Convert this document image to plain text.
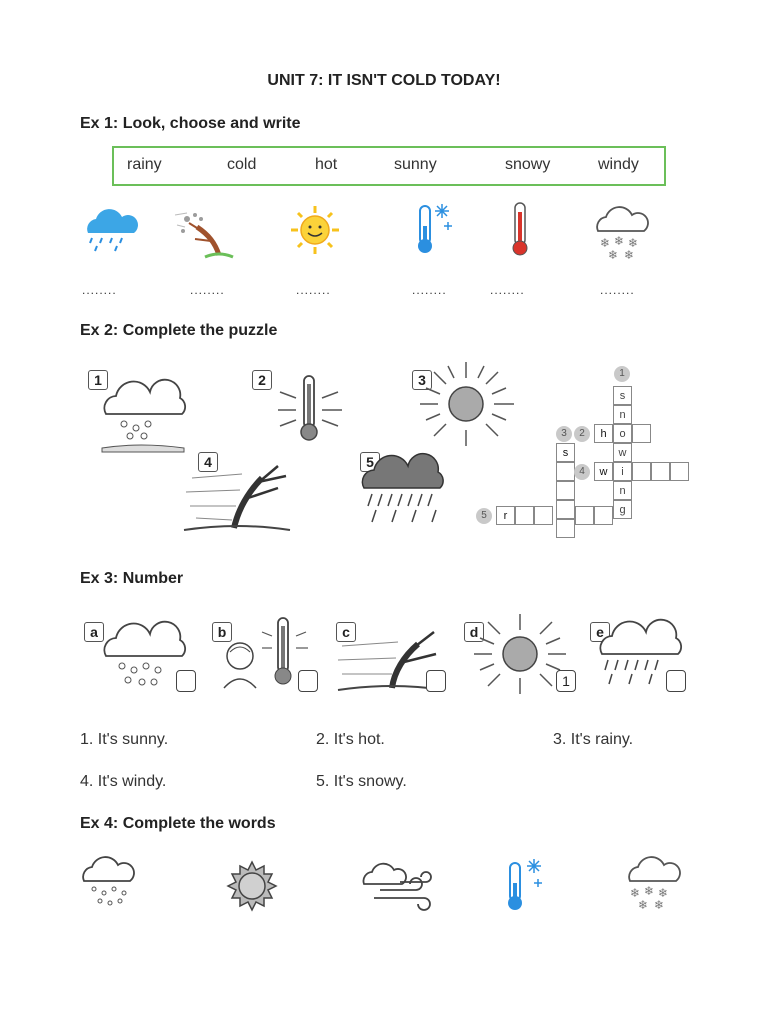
UNIT 7: IT ISN'T COLD TODAY!
Ex 1: Look, choose and write
rainy	cold	hot	sunny	snowy	windy
❄ ❄ ❄
❄ ❄
........	........	........	........	........	........
Ex 2: Complete the puzzle
1	2	3
4	5
1
s
n
o
w
i
n
g
3	2	h
s
4	w
5	r
Ex 3: Number
a	b	c	d
1
e
1. It's sunny.	2. It's hot.	3. It's rainy.
4. It's windy.	5. It's snowy.
Ex 4: Complete the words
❄ ❄ ❄
❄ ❄
